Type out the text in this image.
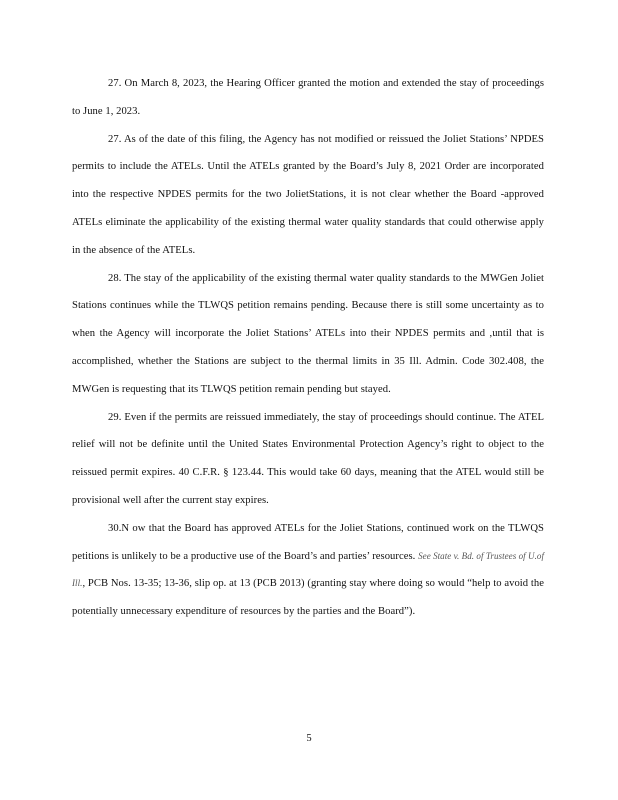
27. On March 8, 2023, the Hearing Officer granted the motion and extended the stay of proceedings to June 1, 2023.

27. As of the date of this filing, the Agency has not modified or reissued the Joliet Stations’ NPDES permits to include the ATELs. Until the ATELs granted by the Board’s July 8, 2021 Order are incorporated into the respective NPDES permits for the two JolietStations, it is not clear whether the Board -approved ATELs eliminate the applicability of the existing thermal water quality standards that could otherwise apply in the absence of the ATELs.

28. The stay of the applicability of the existing thermal water quality standards to the MWGen Joliet Stations continues while the TLWQS petition remains pending. Because there is still some uncertainty as to when the Agency will incorporate the Joliet Stations’ ATELs into their NPDES permits and ,until that is accomplished, whether the Stations are subject to the thermal limits in 35 Ill. Admin. Code 302.408, the MWGen is requesting that its TLWQS petition remain pending but stayed.

29. Even if the permits are reissued immediately, the stay of proceedings should continue. The ATEL relief will not be definite until the United States Environmental Protection Agency’s right to object to the reissued permit expires. 40 C.F.R. § 123.44. This would take 60 days, meaning that the ATEL would still be provisional well after the current stay expires.

30.N ow that the Board has approved ATELs for the Joliet Stations, continued work on the TLWQS petitions is unlikely to be a productive use of the Board’s and parties’ resources. See State v. Bd. of Trustees of U.of Ill., PCB Nos. 13-35; 13-36, slip op. at 13 (PCB 2013) (granting stay where doing so would “help to avoid the potentially unnecessary expenditure of resources by the parties and the Board”).

5
